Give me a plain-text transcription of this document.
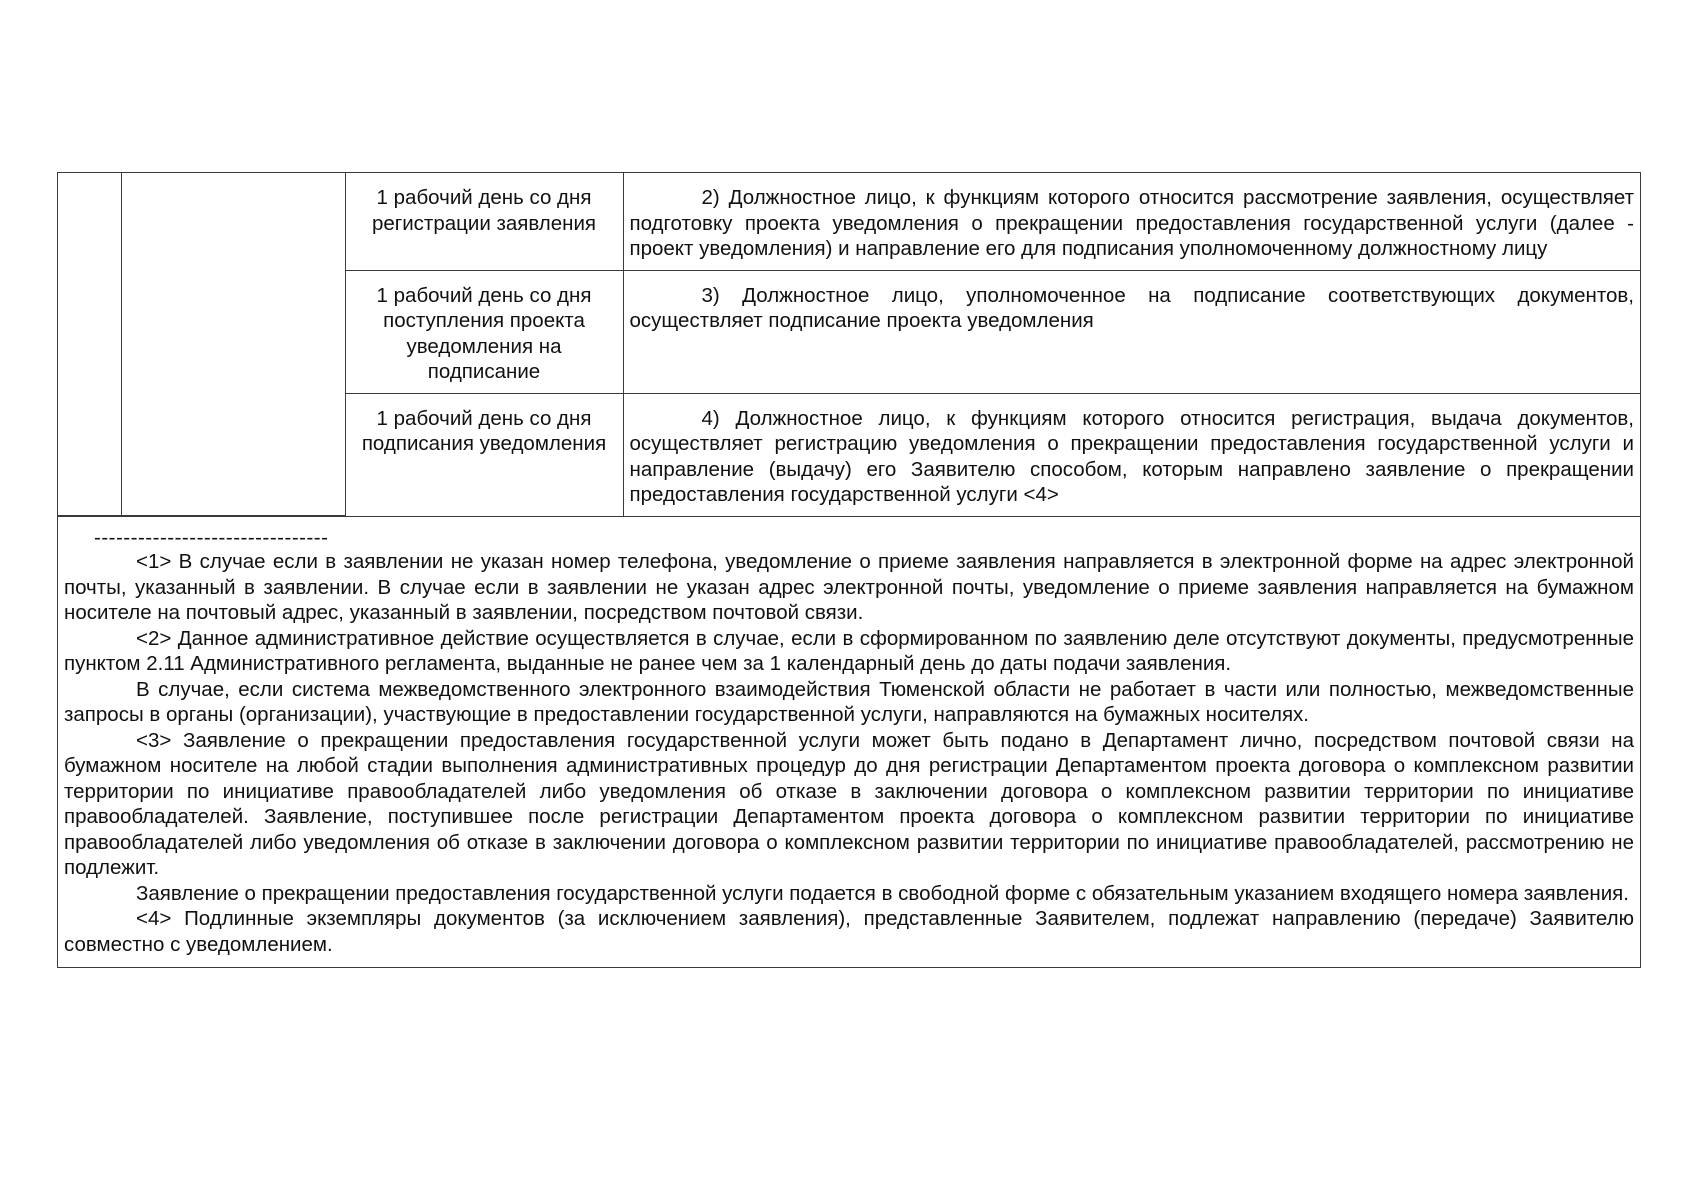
		1 рабочий день со дня регистрации заявления	2) Должностное лицо, к функциям которого относится рассмотрение заявления, осуществляет подготовку проекта уведомления о прекращении предоставления государственной услуги (далее - проект уведомления) и направление его для подписания уполномоченному должностному лицу

		1 рабочий день со дня поступления проекта уведомления на подписание	3) Должностное лицо, уполномоченное на подписание соответствующих документов, осуществляет подписание проекта уведомления

		1 рабочий день со дня подписания уведомления	4) Должностное лицо, к функциям которого относится регистрация, выдача документов, осуществляет регистрацию уведомления о прекращении предоставления государственной услуги и направление (выдачу) его Заявителю способом, которым направлено заявление о прекращении предоставления государственной услуги <4>

--------------------------------

<1> В случае если в заявлении не указан номер телефона, уведомление о приеме заявления направляется в электронной форме на адрес электронной почты, указанный в заявлении. В случае если в заявлении не указан адрес электронной почты, уведомление о приеме заявления направляется на бумажном носителе на почтовый адрес, указанный в заявлении, посредством почтовой связи.

<2> Данное административное действие осуществляется в случае, если в сформированном по заявлению деле отсутствуют документы, предусмотренные пунктом 2.11 Административного регламента, выданные не ранее чем за 1 календарный день до даты подачи заявления.

В случае, если система межведомственного электронного взаимодействия Тюменской области не работает в части или полностью, межведомственные запросы в органы (организации), участвующие в предоставлении государственной услуги, направляются на бумажных носителях.

<3> Заявление о прекращении предоставления государственной услуги может быть подано в Департамент лично, посредством почтовой связи на бумажном носителе на любой стадии выполнения административных процедур до дня регистрации Департаментом проекта договора о комплексном развитии территории по инициативе правообладателей либо уведомления об отказе в заключении договора о комплексном развитии территории по инициативе правообладателей. Заявление, поступившее после регистрации Департаментом проекта договора о комплексном развитии территории по инициативе правообладателей либо уведомления об отказе в заключении договора о комплексном развитии территории по инициативе правообладателей, рассмотрению не подлежит.

Заявление о прекращении предоставления государственной услуги подается в свободной форме с обязательным указанием входящего номера заявления.

<4> Подлинные экземпляры документов (за исключением заявления), представленные Заявителем, подлежат направлению (передаче) Заявителю совместно с уведомлением.
